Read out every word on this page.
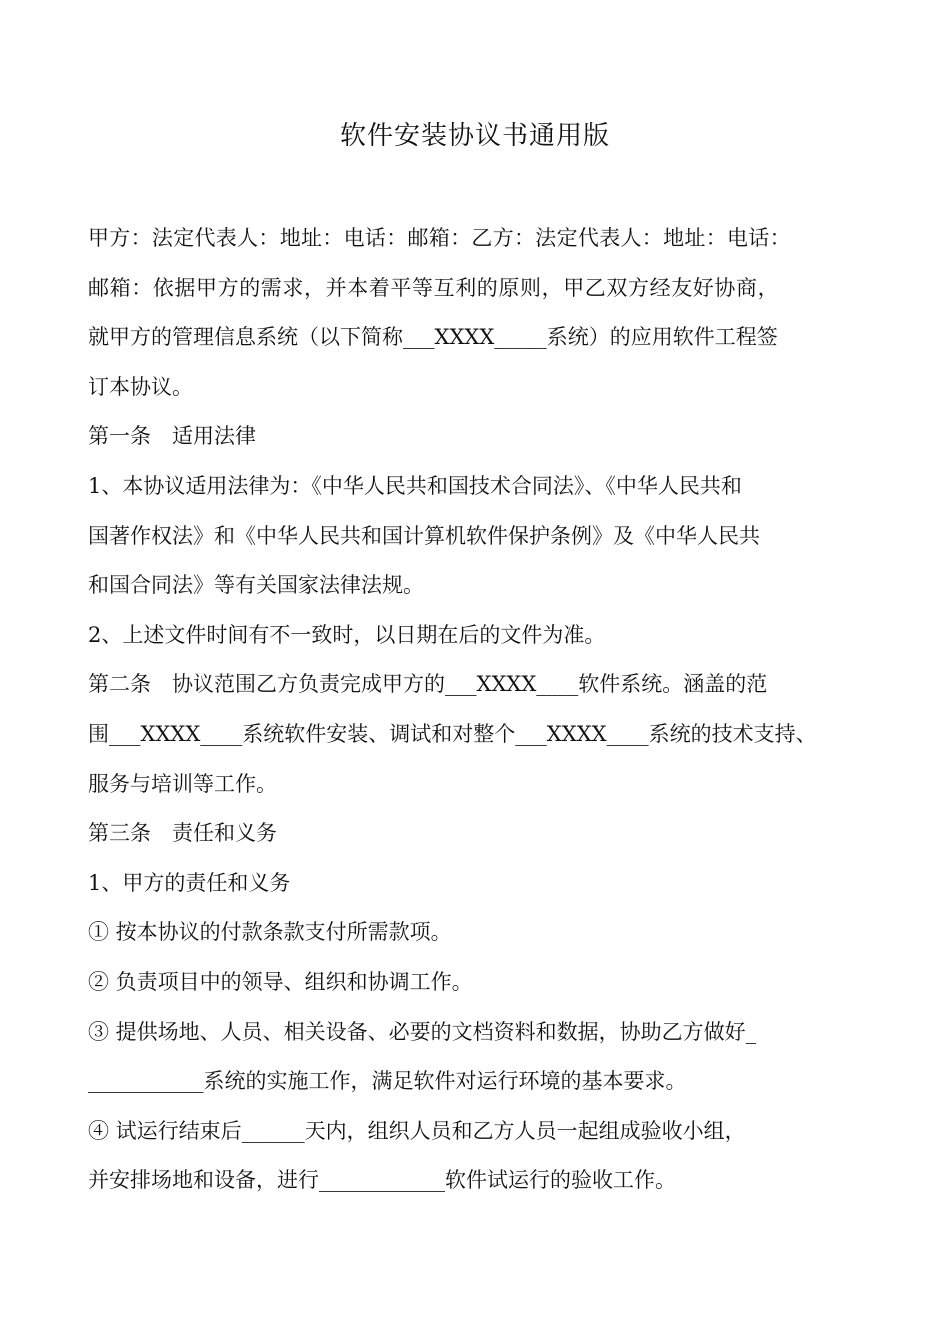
软件安装协议书通用版
甲方：法定代表人：地址：电话：邮箱：乙方：法定代表人：地址：电话：
邮箱：依据甲方的需求，并本着平等互利的原则，甲乙双方经友好协商，
就甲方的管理信息系统（以下简称___XXXX_____系统）的应用软件工程签
订本协议。
第一条　适用法律
1、本协议适用法律为：《中华人民共和国技术合同法》、《中华人民共和
国著作权法》和《中华人民共和国计算机软件保护条例》及《中华人民共
和国合同法》等有关国家法律法规。
2、上述文件时间有不一致时，以日期在后的文件为准。
第二条　协议范围乙方负责完成甲方的___XXXX____软件系统。涵盖的范
围___XXXX____系统软件安装、调试和对整个___XXXX____系统的技术支持、
服务与培训等工作。
第三条　责任和义务
1、甲方的责任和义务
① 按本协议的付款条款支付所需款项。
② 负责项目中的领导、组织和协调工作。
③ 提供场地、人员、相关设备、必要的文档资料和数据，协助乙方做好_
___________系统的实施工作，满足软件对运行环境的基本要求。
④ 试运行结束后______天内，组织人员和乙方人员一起组成验收小组，
并安排场地和设备，进行____________软件试运行的验收工作。
